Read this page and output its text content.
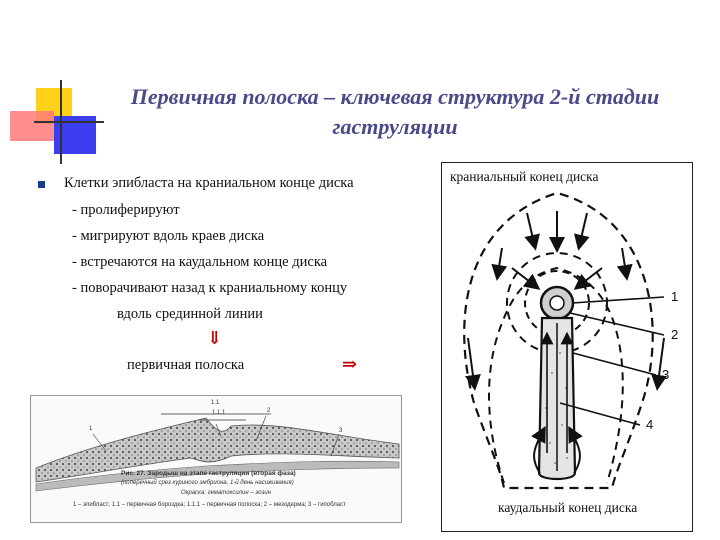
Первичная полоска – ключевая структура 2-й стадии
гаструляции
Клетки эпибласта на краниальном конце диска
- пролиферируют
- мигрируют вдоль краев диска
- встречаются на каудальном конце диска
- поворачивают назад к краниальному концу
вдоль срединной линии
⇓
первичная полоска	⇒
краниальный конец диска
каудальный конец диска
1
2
3
4
1.1
1.1.1	2
1	3
Рис. 27. Зародыш на этапе гаструляции (вторая фаза)
(поперечный срез куриного эмбриона, 1-й день насиживания)
Окраска: гематоксилин – эозин
1 – эпибласт; 1.1 – первичная бороздка; 1.1.1 – первичная полоска; 2 – мезодерма; 3 – гипобласт
